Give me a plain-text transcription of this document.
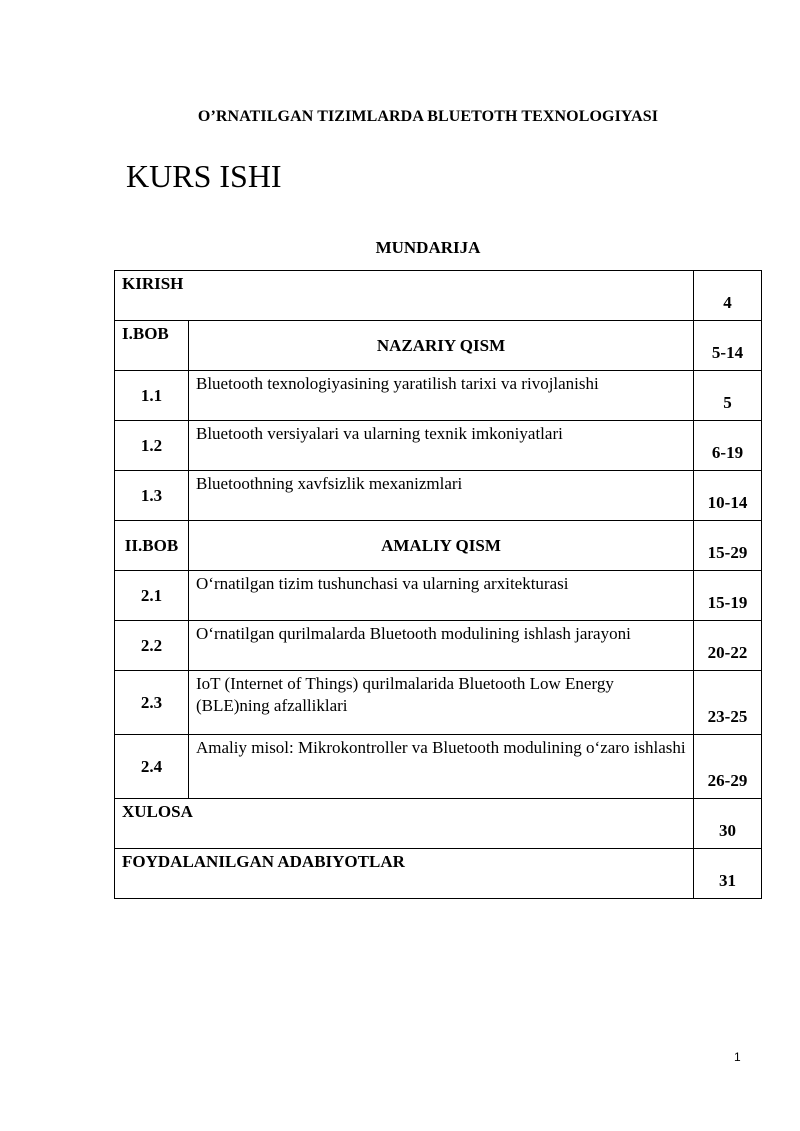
O’RNATILGAN TIZIMLARDA BLUETOTH TEXNOLOGIYASI
KURS ISHI
MUNDARIJA
KIRISH		4
I.BOB	NAZARIY QISM	5-14
1.1	Bluetooth texnologiyasining yaratilish tarixi va rivojlanishi	5
1.2	Bluetooth versiyalari va ularning texnik imkoniyatlari	6-19
1.3	Bluetoothning xavfsizlik mexanizmlari	10-14
II.BOB	AMALIY QISM	15-29
2.1	O‘rnatilgan tizim tushunchasi va ularning arxitekturasi	15-19
2.2	O‘rnatilgan qurilmalarda Bluetooth modulining ishlash jarayoni	20-22
2.3	IoT (Internet of Things) qurilmalarida Bluetooth Low Energy (BLE)ning afzalliklari	23-25
2.4	Amaliy misol: Mikrokontroller va Bluetooth modulining o‘zaro ishlashi	26-29
XULOSA		30
FOYDALANILGAN ADABIYOTLAR		31
1
